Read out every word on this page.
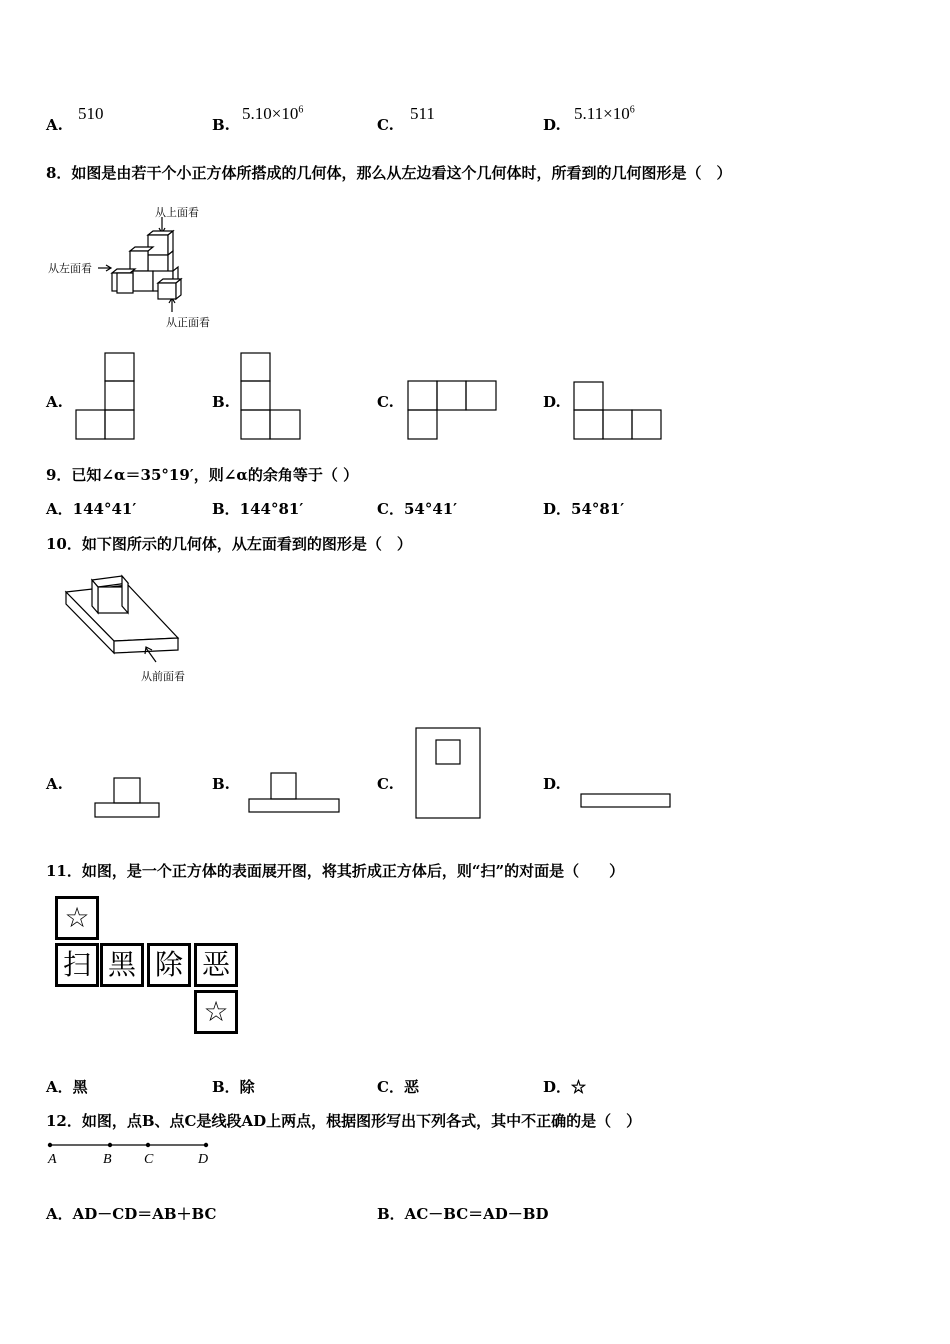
A.
510
B.
$5.10\times 10^6$
C.
511
D.
$5.11\times 10^6$
8．如图是由若干个小正方体所搭成的几何体，那么从左边看这个几何体时，所看到的几何图形是（　）
从上面看
从左面看
从正面看
A.	B.	C.	D.
9．已知∠α＝35°19′，则∠α的余角等于（ ）
A．144°41′	B．144°81′	C．54°41′	D．54°81′
10．如下图所示的几何体，从左面看到的图形是（　）
从前面看
A.	B.	C.	D.
11．如图，是一个正方体的表面展开图，将其折成正方体后，则“扫”的对面是（　　）
☆
扫 黑 除 恶
☆
A．黑	B．除	C．恶	D．☆
12．如图，点B、点C是线段AD上两点，根据图形写出下列各式，其中不正确的是（　）
A	B C	D
A．AD－CD＝AB＋BC	B．AC－BC＝AD－BD
